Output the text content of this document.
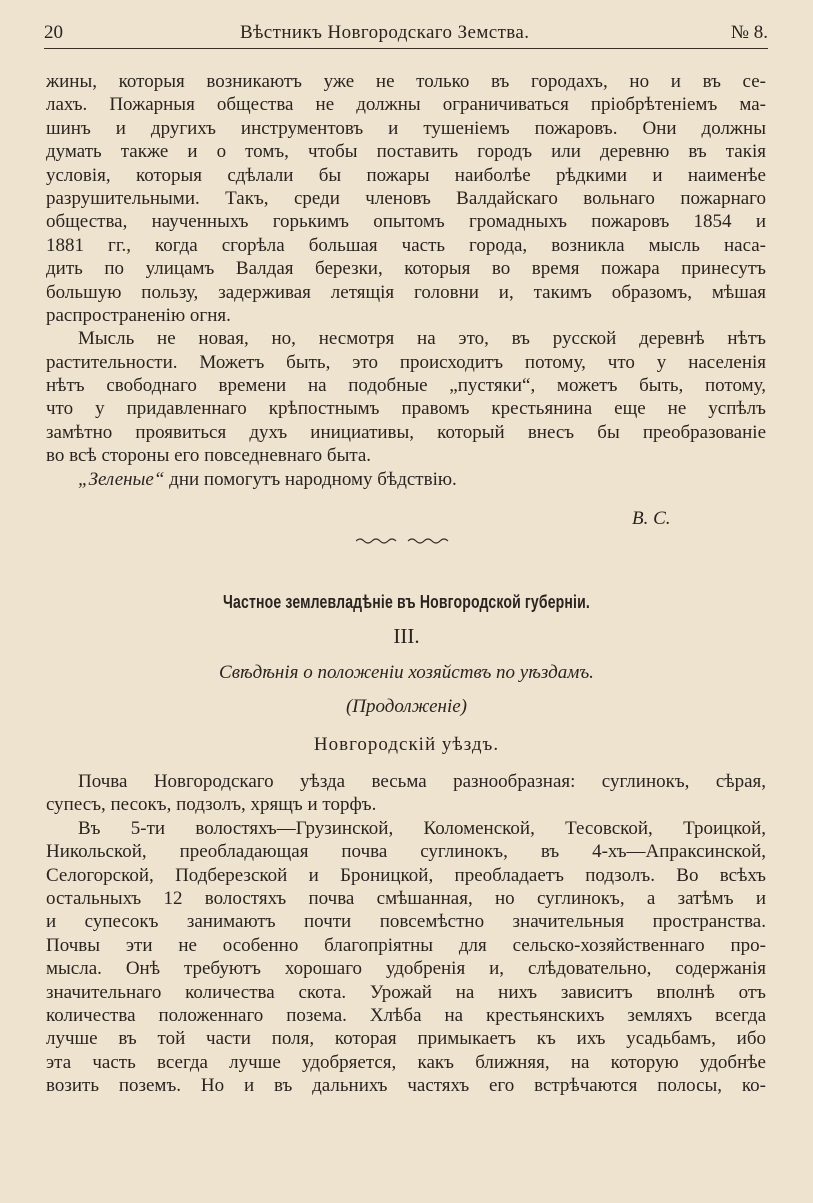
20	Вѣстникъ Новгородскаго Земства.	№ 8.
жины, которыя возникаютъ уже не только въ городахъ, но и въ се-
лахъ. Пожарныя общества не должны ограничиваться пріобрѣтеніемъ ма-
шинъ и другихъ инструментовъ и тушеніемъ пожаровъ. Они должны
думать также и о томъ, чтобы поставить городъ или деревню въ такія
условія, которыя сдѣлали бы пожары наиболѣе рѣдкими и наименѣе
разрушительными. Такъ, среди членовъ Валдайскаго вольнаго пожарнаго
общества, наученныхъ горькимъ опытомъ громадныхъ пожаровъ 1854 и
1881 гг., когда сгорѣла большая часть города, возникла мысль наса-
дить по улицамъ Валдая березки, которыя во время пожара принесутъ
большую пользу, задерживая летящія головни и, такимъ образомъ, мѣшая
распространенію огня.
Мысль не новая, но, несмотря на это, въ русской деревнѣ нѣтъ
растительности. Можетъ быть, это происходитъ потому, что у населенія
нѣтъ свободнаго времени на подобные „пустяки“, можетъ быть, потому,
что у придавленнаго крѣпостнымъ правомъ крестьянина еще не успѣлъ
замѣтно проявиться духъ инициативы, который внесъ бы преобразованіе
во всѣ стороны его повседневнаго быта.
„Зеленые“ дни помогутъ народному бѣдствію.
В. С.
Частное землевладѣніе въ Новгородской губерніи.
III.
Свѣдѣнія о положеніи хозяйствъ по уѣздамъ.
(Продолженіе)
Новгородскій уѣздъ.
Почва Новгородскаго уѣзда весьма разнообразная: суглинокъ, сѣрая,
супесъ, песокъ, подзолъ, хрящъ и торфъ.
Въ 5-ти волостяхъ—Грузинской, Коломенской, Тесовской, Троицкой,
Никольской, преобладающая почва суглинокъ, въ 4-хъ—Апраксинской,
Селогорской, Подберезской и Броницкой, преобладаетъ подзолъ. Во всѣхъ
остальныхъ 12 волостяхъ почва смѣшанная, но суглинокъ, а затѣмъ и
и супесокъ занимаютъ почти повсемѣстно значительныя пространства.
Почвы эти не особенно благопріятны для сельско-хозяйственнаго про-
мысла. Онѣ требуютъ хорошаго удобренія и, слѣдовательно, содержанія
значительнаго количества скота. Урожай на нихъ зависитъ вполнѣ отъ
количества положеннаго позема. Хлѣба на крестьянскихъ земляхъ всегда
лучше въ той части поля, которая примыкаетъ къ ихъ усадьбамъ, ибо
эта часть всегда лучше удобряется, какъ ближняя, на которую удобнѣе
возить поземъ. Но и въ дальнихъ частяхъ его встрѣчаются полосы, ко-
